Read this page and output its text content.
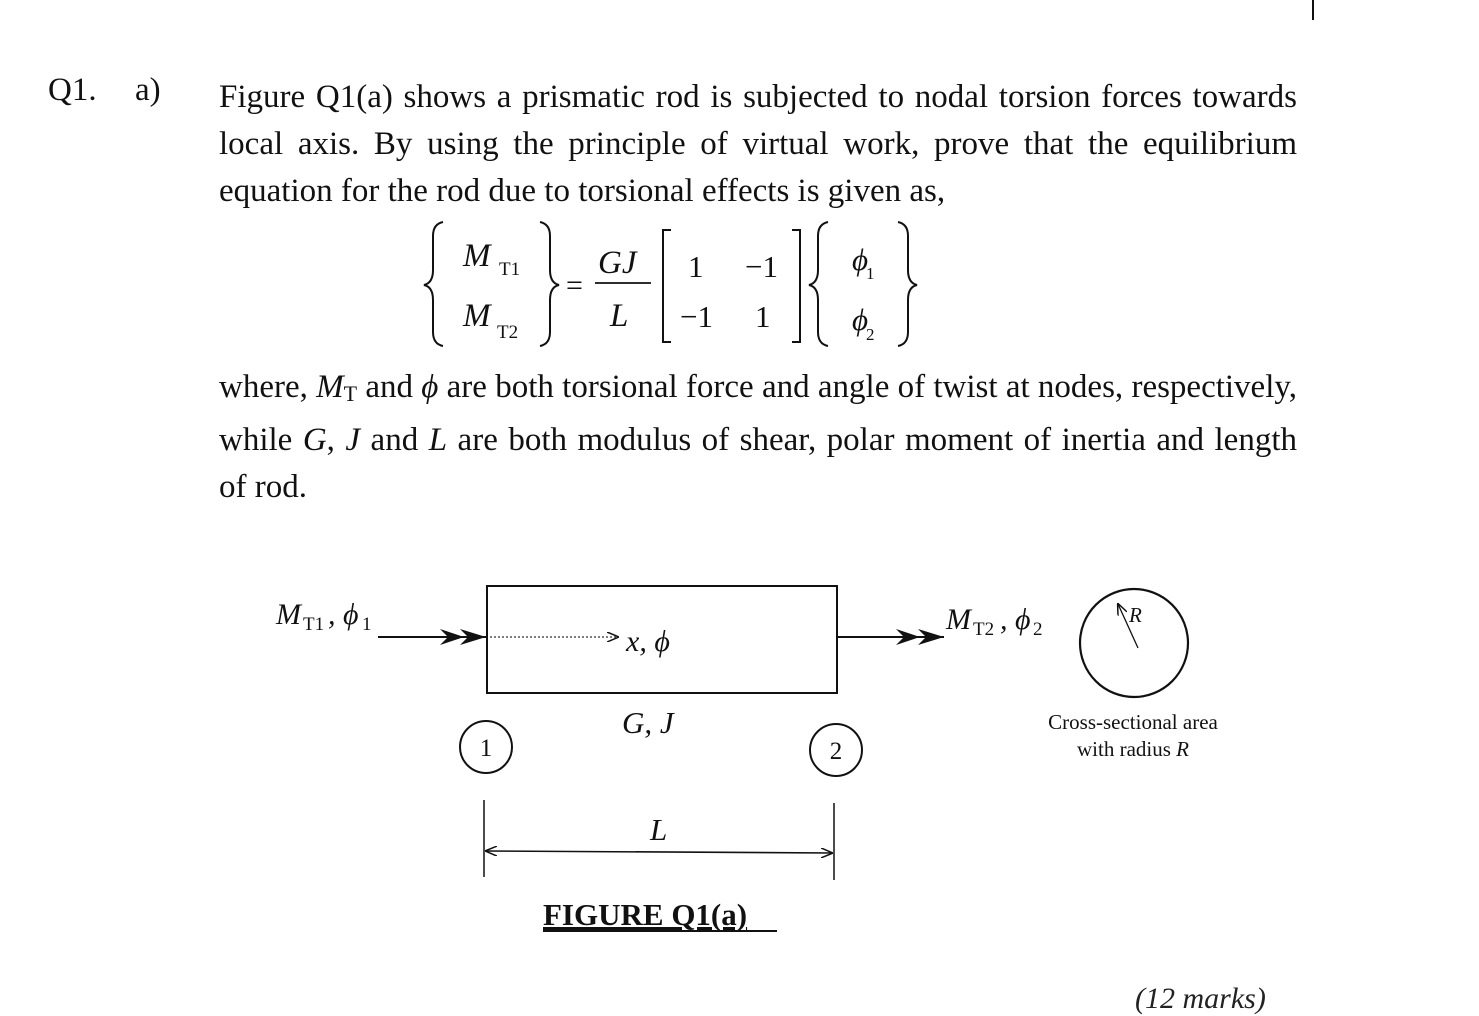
Q1. a) Figure Q1(a) shows a prismatic rod is subjected to nodal torsion forces towards local axis. By using the principle of virtual work, prove that the equilibrium equation for the rod due to torsional effects is given as,
M T1
M T2
=
GJ
L
1 −1
−1 1
ϕ
1
ϕ
2
where, $M_T$ and ϕ are both torsional force and angle of twist at nodes, respectively, while G, J and L are both modulus of shear, polar moment of inertia and length of rod.
M T1 , ϕ 1
x, ϕ
M T2 , ϕ 2
R
Cross-sectional area
with radius R
G, J
1	2
L
FIGURE Q1(a)
(12 marks)
